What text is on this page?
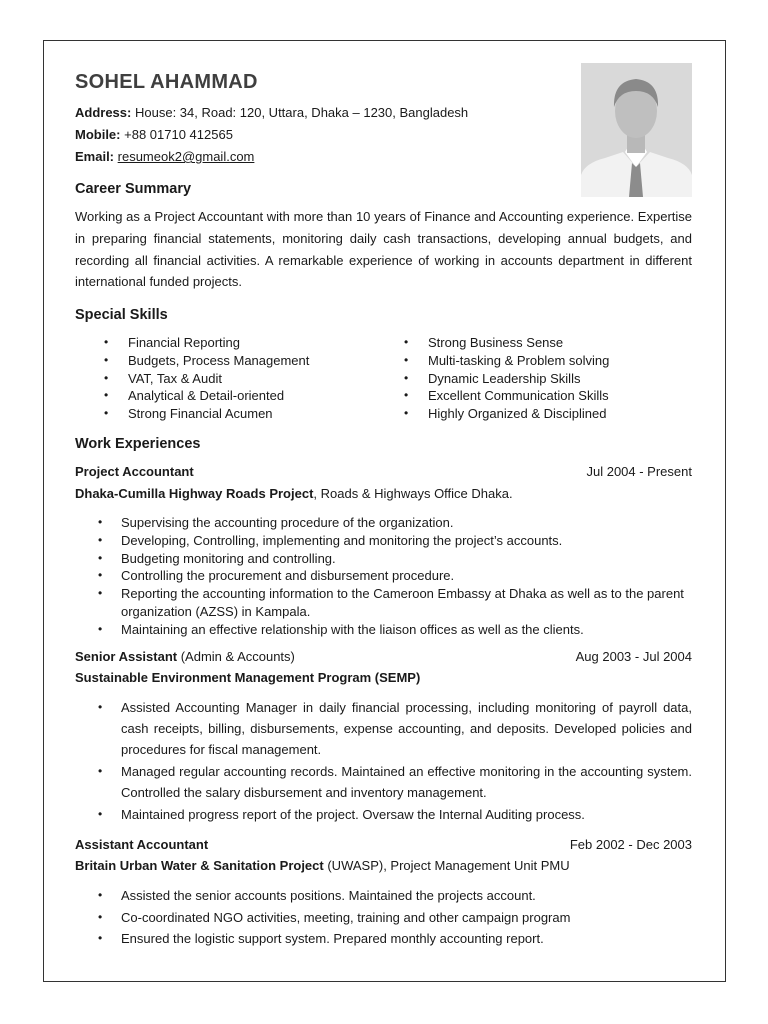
SOHEL AHAMMAD
Address: House: 34, Road: 120, Uttara, Dhaka – 1230, Bangladesh
Mobile: +88 01710 412565
Email: resumeok2@gmail.com
Career Summary
Working as a Project Accountant with more than 10 years of Finance and Accounting experience. Expertise in preparing financial statements, monitoring daily cash transactions, developing annual budgets, and recording all financial activities. A remarkable experience of working in accounts department in different international funded projects.
Special Skills
• Financial Reporting
• Budgets, Process Management
• VAT, Tax & Audit
• Analytical & Detail-oriented
• Strong Financial Acumen
• Strong Business Sense
• Multi-tasking & Problem solving
• Dynamic Leadership Skills
• Excellent Communication Skills
• Highly Organized & Disciplined
Work Experiences
Project Accountant	Jul 2004 - Present
Dhaka-Cumilla Highway Roads Project, Roads & Highways Office Dhaka.
• Supervising the accounting procedure of the organization.
• Developing, Controlling, implementing and monitoring the project’s accounts.
• Budgeting monitoring and controlling.
• Controlling the procurement and disbursement procedure.
• Reporting the accounting information to the Cameroon Embassy at Dhaka as well as to the parent organization (AZSS) in Kampala.
• Maintaining an effective relationship with the liaison offices as well as the clients.
Senior Assistant (Admin & Accounts)	Aug 2003 - Jul 2004
Sustainable Environment Management Program (SEMP)
• Assisted Accounting Manager in daily financial processing, including monitoring of payroll data, cash receipts, billing, disbursements, expense accounting, and deposits. Developed policies and procedures for fiscal management.
• Managed regular accounting records. Maintained an effective monitoring in the accounting system. Controlled the salary disbursement and inventory management.
• Maintained progress report of the project. Oversaw the Internal Auditing process.
Assistant Accountant	Feb 2002 - Dec 2003
Britain Urban Water & Sanitation Project (UWASP), Project Management Unit PMU
• Assisted the senior accounts positions. Maintained the projects account.
• Co-coordinated NGO activities, meeting, training and other campaign program
• Ensured the logistic support system. Prepared monthly accounting report.
